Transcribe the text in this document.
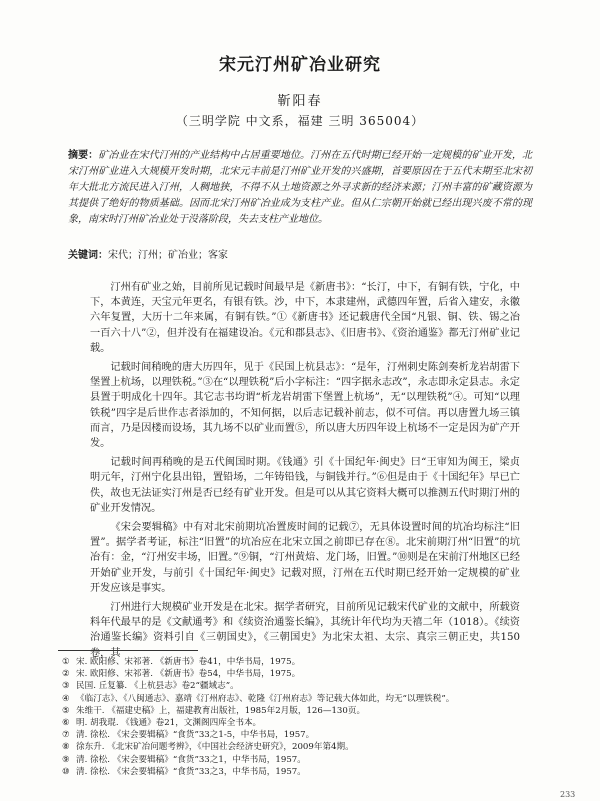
宋元汀州矿冶业研究
靳阳春
（三明学院 中文系，福建 三明 365004）
摘要：矿冶业在宋代汀州的产业结构中占居重要地位。汀州在五代时期已经开始一定规模的矿业开发，北宋汀州矿业进入大规模开发时期，北宋元丰前是汀州矿业开发的兴盛期，首要原因在于五代末期至北宋初年大批北方流民进入汀州，人稠地狭，不得不从土地资源之外寻求新的经济来源；汀州丰富的矿藏资源为其提供了绝好的物质基础。因而北宋汀州矿冶业成为支柱产业。但从仁宗朝开始就已经出现兴废不常的现象，南宋时汀州矿冶业处于没落阶段，失去支柱产业地位。
关键词：宋代；汀州；矿冶业；客家

汀州有矿业之始，目前所见记载时间最早是《新唐书》：“长汀，中下，有铜有铁，宁化，中下，本黄连，天宝元年更名，有银有铁。沙，中下，本隶建州，武德四年置，后省入建安，永徽六年复置，大历十二年来属，有铜有铁。”①《新唐书》还记载唐代全国“凡银、铜、铁、锡之冶一百六十八”②，但并没有在福建设冶。《元和郡县志》、《旧唐书》、《资治通鉴》都无汀州矿业记载。

记载时间稍晚的唐大历四年，见于《民国上杭县志》：“是年，汀州刺史陈剑奏析龙岩胡雷下堡置上杭场，以理铁税。”③在“以理铁税”后小字标注：“四字据永志改”，永志即永定县志。永定县置于明成化十四年。其它志书均谓“析龙岩胡雷下堡置上杭场”，无“以理铁税”④。可知“以理铁税”四字是后世作志者添加的，不知何据，以后志记载补前志，似不可信。再以唐置九场三镇而言，乃是因楼而设场，其九场不以矿业而置⑤，所以唐大历四年设上杭场不一定是因为矿产开发。

记载时间再稍晚的是五代闽国时期。《钱通》引《十国纪年·闽史》曰“王审知为闽王，梁贞明元年，汀州宁化县出铅，置铅场，二年铸铅钱，与铜钱并行。”⑥但是由于《十国纪年》早已亡佚，故也无法证实汀州是否已经有矿业开发。但是可以从其它资料大概可以推测五代时期汀州的矿业开发情况。

《宋会要辑稿》中有对北宋前期坑冶置废时间的记载⑦，无具体设置时间的坑冶均标注“旧置”。据学者考证，标注“旧置”的坑冶应在北宋立国之前即已存在⑧。北宋前期汀州“旧置”的坑冶有：金，“汀州安丰场，旧置。”⑨铜，“汀州黄焙、龙门场，旧置。”⑩则是在宋前汀州地区已经开始矿业开发，与前引《十国纪年·闽史》记载对照，汀州在五代时期已经开始一定规模的矿业开发应该是事实。

汀州进行大规模矿业开发是在北宋。据学者研究，目前所见记载宋代矿业的文献中，所载资料年代最早的是《文献通考》和《续资治通鉴长编》，其统计年代均为天禧二年（1018）。《续资治通鉴长编》资料引自《三朝国史》，《三朝国史》为北宋太祖、太宗、真宗三朝正史，共150卷，其

① 宋. 欧阳修、宋祁著. 《新唐书》卷41，中华书局，1975。
② 宋. 欧阳修、宋祁著. 《新唐书》卷54，中华书局，1975。
③ 民国. 丘复纂. 《上杭县志》卷2“疆域志”。
④ 《临汀志》、《八闽通志》、嘉靖《汀州府志》、乾隆《汀州府志》等记载大体如此，均无“以理铁税”。
⑤ 朱维干. 《福建史稿》上，福建教育出版社，1985年2月版，126—130页。
⑥ 明. 胡我琨. 《钱通》卷21，文渊阁四库全书本。
⑦ 清. 徐松. 《宋会要辑稿》“食货”33之1-5，中华书局，1957。
⑧ 徐东升. 《北宋矿冶问题考辨》，《中国社会经济史研究》，2009年第4期。
⑨ 清. 徐松. 《宋会要辑稿》“食货”33之1，中华书局，1957。
⑩ 清. 徐松. 《宋会要辑稿》“食货”33之3，中华书局，1957。
233
